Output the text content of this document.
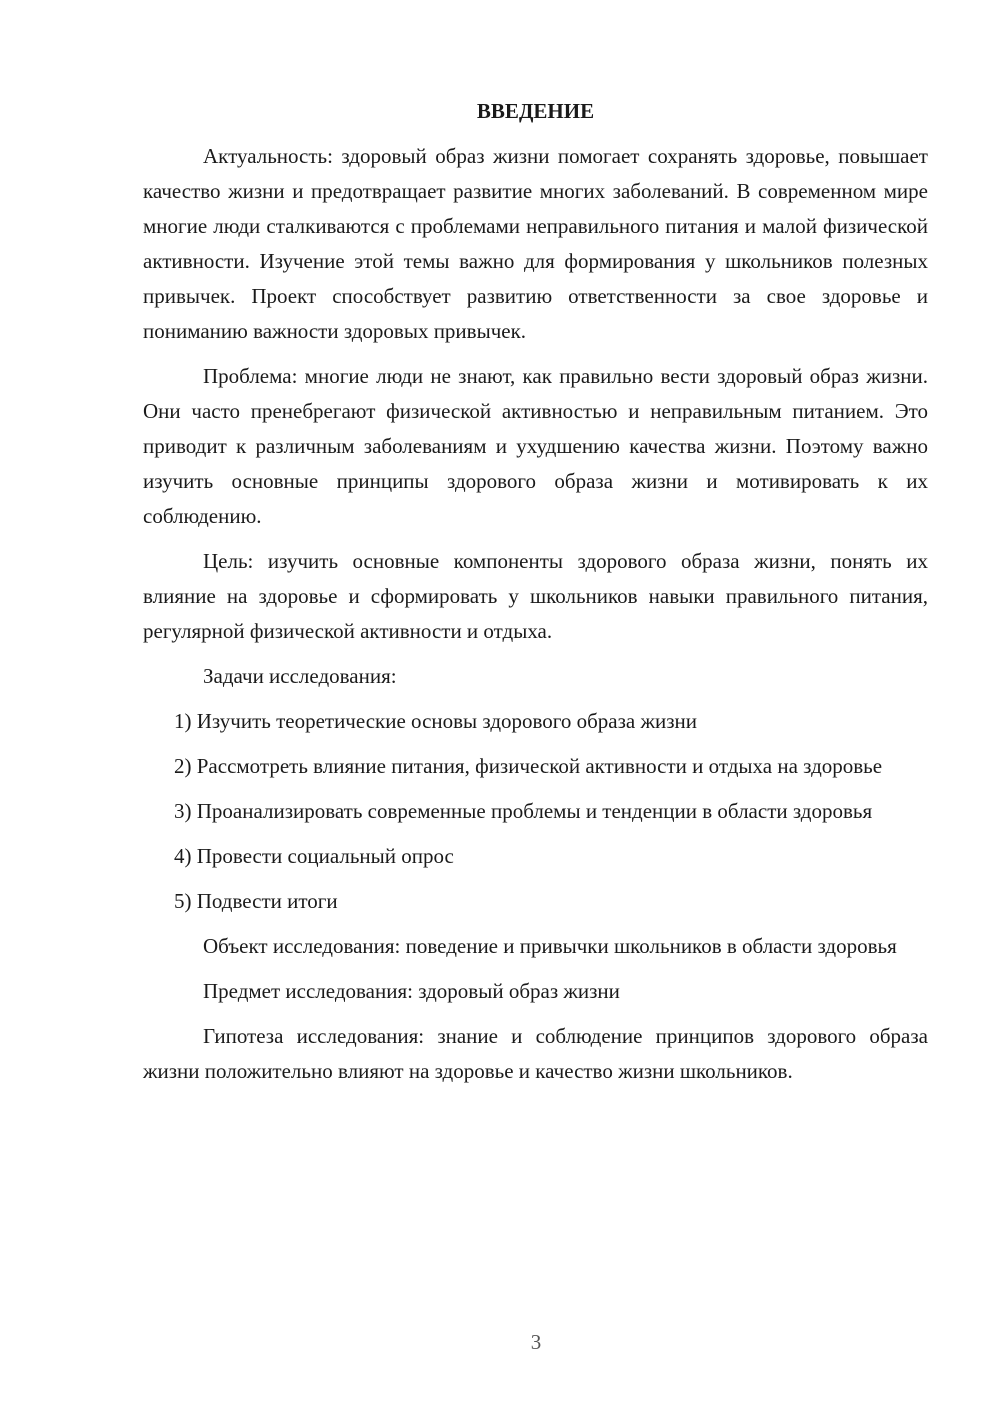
ВВЕДЕНИЕ

Актуальность: здоровый образ жизни помогает сохранять здоровье, повышает качество жизни и предотвращает развитие многих заболеваний. В современном мире многие люди сталкиваются с проблемами неправильного питания и малой физической активности. Изучение этой темы важно для формирования у школьников полезных привычек. Проект способствует развитию ответственности за свое здоровье и пониманию важности здоровых привычек.

Проблема: многие люди не знают, как правильно вести здоровый образ жизни. Они часто пренебрегают физической активностью и неправильным питанием. Это приводит к различным заболеваниям и ухудшению качества жизни. Поэтому важно изучить основные принципы здорового образа жизни и мотивировать к их соблюдению.

Цель: изучить основные компоненты здорового образа жизни, понять их влияние на здоровье и сформировать у школьников навыки правильного питания, регулярной физической активности и отдыха.

Задачи исследования:

1) Изучить теоретические основы здорового образа жизни

2) Рассмотреть влияние питания, физической активности и отдыха на здоровье

3) Проанализировать современные проблемы и тенденции в области здоровья

4) Провести социальный опрос

5) Подвести итоги

Объект исследования: поведение и привычки школьников в области здоровья

Предмет исследования: здоровый образ жизни

Гипотеза исследования: знание и соблюдение принципов здорового образа жизни положительно влияют на здоровье и качество жизни школьников.

3
